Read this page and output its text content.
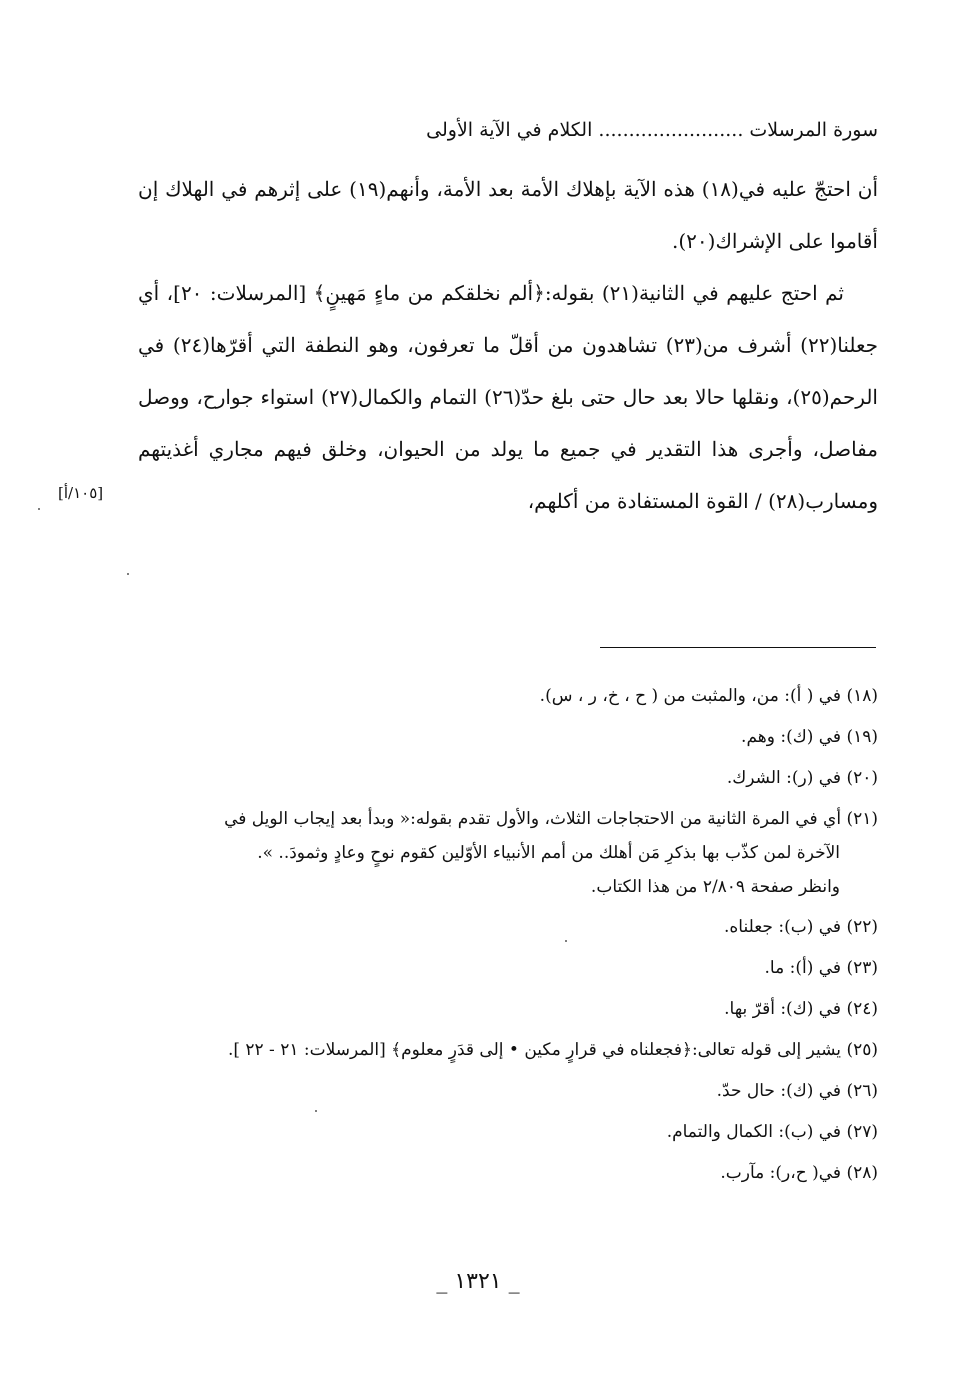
سورة المرسلات ........................ الكلام في الآية الأولى

أن احتجّ عليه في(١٨) هذه الآية بإهلاك الأمة بعد الأمة، وأنهم(١٩) على إثرهم في الهلاك إن أقاموا على الإشراك(٢٠).

ثم احتج عليهم في الثانية(٢١) بقوله:﴿ألم نخلقكم من ماءٍ مَهينٍ﴾ [المرسلات: ٢٠]، أي جعلنا(٢٢) أشرف من(٢٣) تشاهدون من أقلّ ما تعرفون، وهو النطفة التي أقرّها(٢٤) في الرحم(٢٥)، ونقلها حالا بعد حال حتى بلغ حدّ(٢٦) التمام والكمال(٢٧) استواء جوارح، ووصل مفاصل، وأجرى هذا التقدير في جميع ما يولد من الحيوان، وخلق فيهم مجاري أغذيتهم ومسارب(٢٨) / القوة المستفادة من أكلهم،

[١٠٥/أ]

(١٨) في ( أ): من، والمثبت من ( ح ، خ، ر ، س).

(١٩) في (ك): وهم.

(٢٠) في (ر): الشرك.

(٢١) أي في المرة الثانية من الاحتجاجات الثلاث، والأول تقدم بقوله:« وبدأ بعد إيجاب الويل في
الآخرة لمن كذّب بها بذكرِ مَن أهلك من أمم الأنبياء الأوّلين كقوم نوحٍ وعادٍ وثمودَ.. ».
وانظر صفحة ٢/٨٠٩ من هذا الكتاب.

(٢٢) في (ب): جعلناه.

(٢٣) في (أ): ما.

(٢٤) في (ك): أقرّ بها.

(٢٥) يشير إلى قوله تعالى:﴿فجعلناه في قرارٍ مكين • إلى قدَرٍ معلوم﴾ [المرسلات: ٢١ - ٢٢ ].

(٢٦) في (ك): حال حدّ.

(٢٧) في (ب): الكمال والتمام.

(٢٨) في( ح،ر): مآرب.

_ ١٣٢١ _
